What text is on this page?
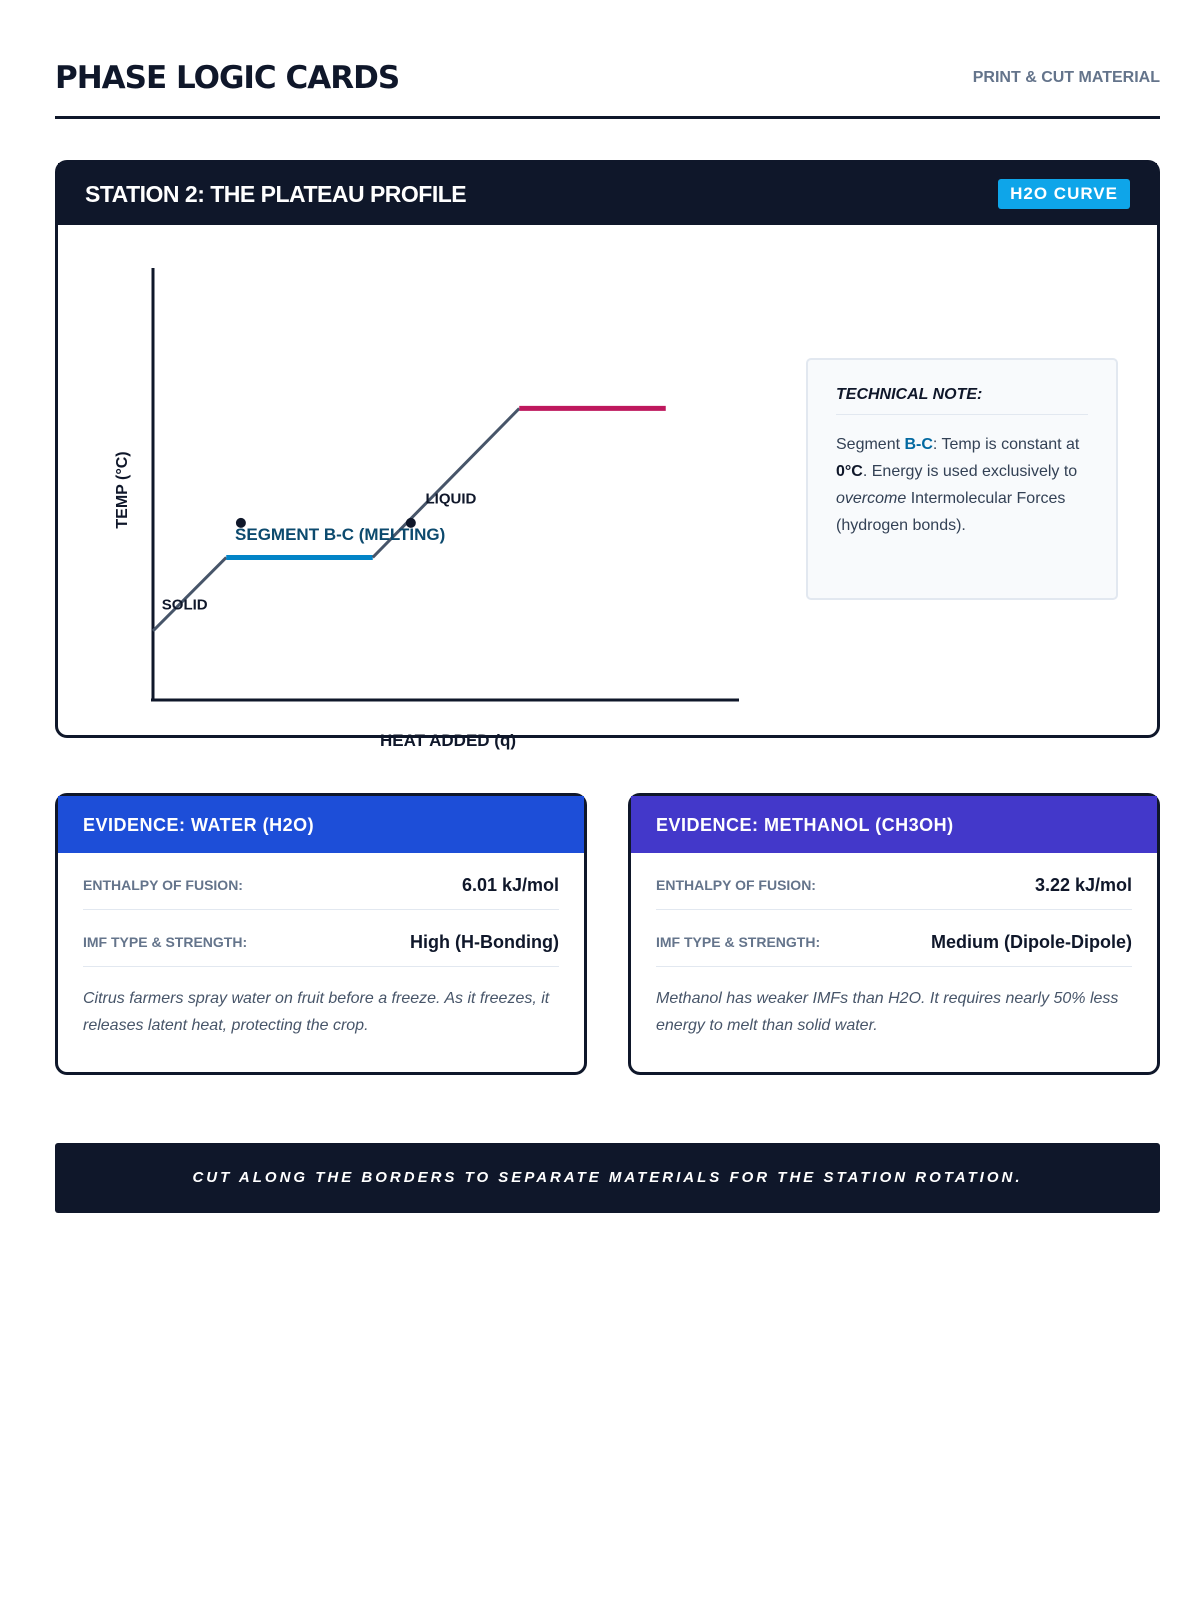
PHASE LOGIC CARDS	PRINT & CUT MATERIAL
STATION 2: THE PLATEAU PROFILE	H2O CURVE
TEMP (°C)
HEAT ADDED (q)
SOLID
SEGMENT B-C (MELTING)
LIQUID
TECHNICAL NOTE:
Segment B-C: Temp is constant at 0°C. Energy is used exclusively to overcome Intermolecular Forces (hydrogen bonds).
EVIDENCE: WATER (H2O)
ENTHALPY OF FUSION:	6.01 kJ/mol
IMF TYPE & STRENGTH:	High (H-Bonding)
Citrus farmers spray water on fruit before a freeze. As it freezes, it releases latent heat, protecting the crop.
EVIDENCE: METHANOL (CH3OH)
ENTHALPY OF FUSION:	3.22 kJ/mol
IMF TYPE & STRENGTH:	Medium (Dipole-Dipole)
Methanol has weaker IMFs than H2O. It requires nearly 50% less energy to melt than solid water.
CUT ALONG THE BORDERS TO SEPARATE MATERIALS FOR THE STATION ROTATION.
